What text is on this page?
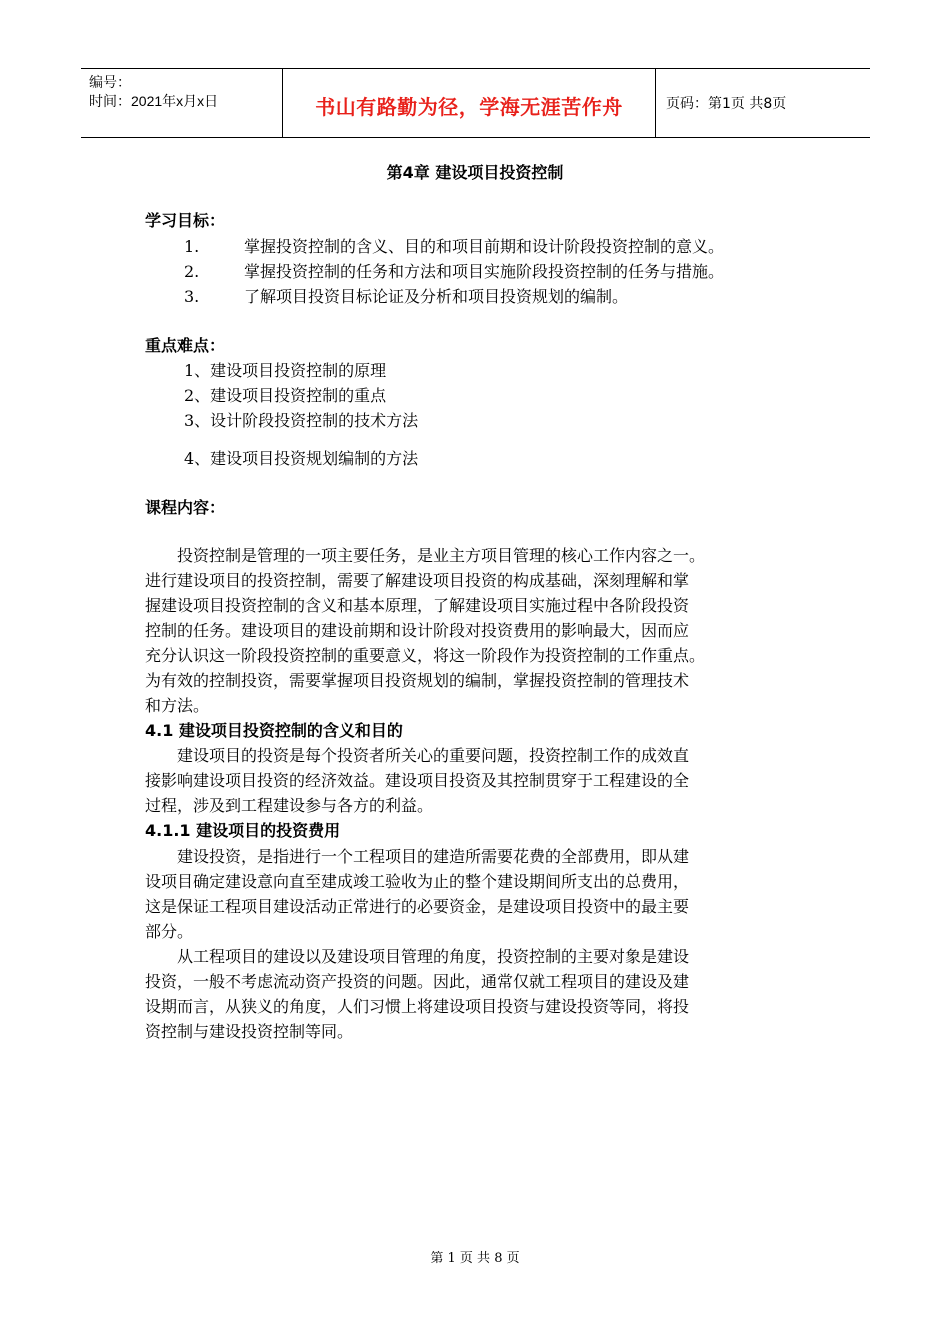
编号：
时间：2021年x月x日	书山有路勤为径，学海无涯苦作舟	页码：第1页 共8页
第4章 建设项目投资控制
学习目标：
1.	掌握投资控制的含义、目的和项目前期和设计阶段投资控制的意义。
2.	掌握投资控制的任务和方法和项目实施阶段投资控制的任务与措施。
3.	了解项目投资目标论证及分析和项目投资规划的编制。
重点难点：
1、建设项目投资控制的原理
2、建设项目投资控制的重点
3、设计阶段投资控制的技术方法
4、建设项目投资规划编制的方法
课程内容：
　　投资控制是管理的一项主要任务，是业主方项目管理的核心工作内容之一。
进行建设项目的投资控制，需要了解建设项目投资的构成基础，深刻理解和掌
握建设项目投资控制的含义和基本原理，了解建设项目实施过程中各阶段投资
控制的任务。建设项目的建设前期和设计阶段对投资费用的影响最大，因而应
充分认识这一阶段投资控制的重要意义，将这一阶段作为投资控制的工作重点。
为有效的控制投资，需要掌握项目投资规划的编制，掌握投资控制的管理技术
和方法。
4.1 建设项目投资控制的含义和目的
　　建设项目的投资是每个投资者所关心的重要问题，投资控制工作的成效直
接影响建设项目投资的经济效益。建设项目投资及其控制贯穿于工程建设的全
过程，涉及到工程建设参与各方的利益。
4.1.1 建设项目的投资费用
　　建设投资，是指进行一个工程项目的建造所需要花费的全部费用，即从建
设项目确定建设意向直至建成竣工验收为止的整个建设期间所支出的总费用，
这是保证工程项目建设活动正常进行的必要资金，是建设项目投资中的最主要
部分。
　　从工程项目的建设以及建设项目管理的角度，投资控制的主要对象是建设
投资，一般不考虑流动资产投资的问题。因此，通常仅就工程项目的建设及建
设期而言，从狭义的角度，人们习惯上将建设项目投资与建设投资等同，将投
资控制与建设投资控制等同。
第 1 页 共 8 页
